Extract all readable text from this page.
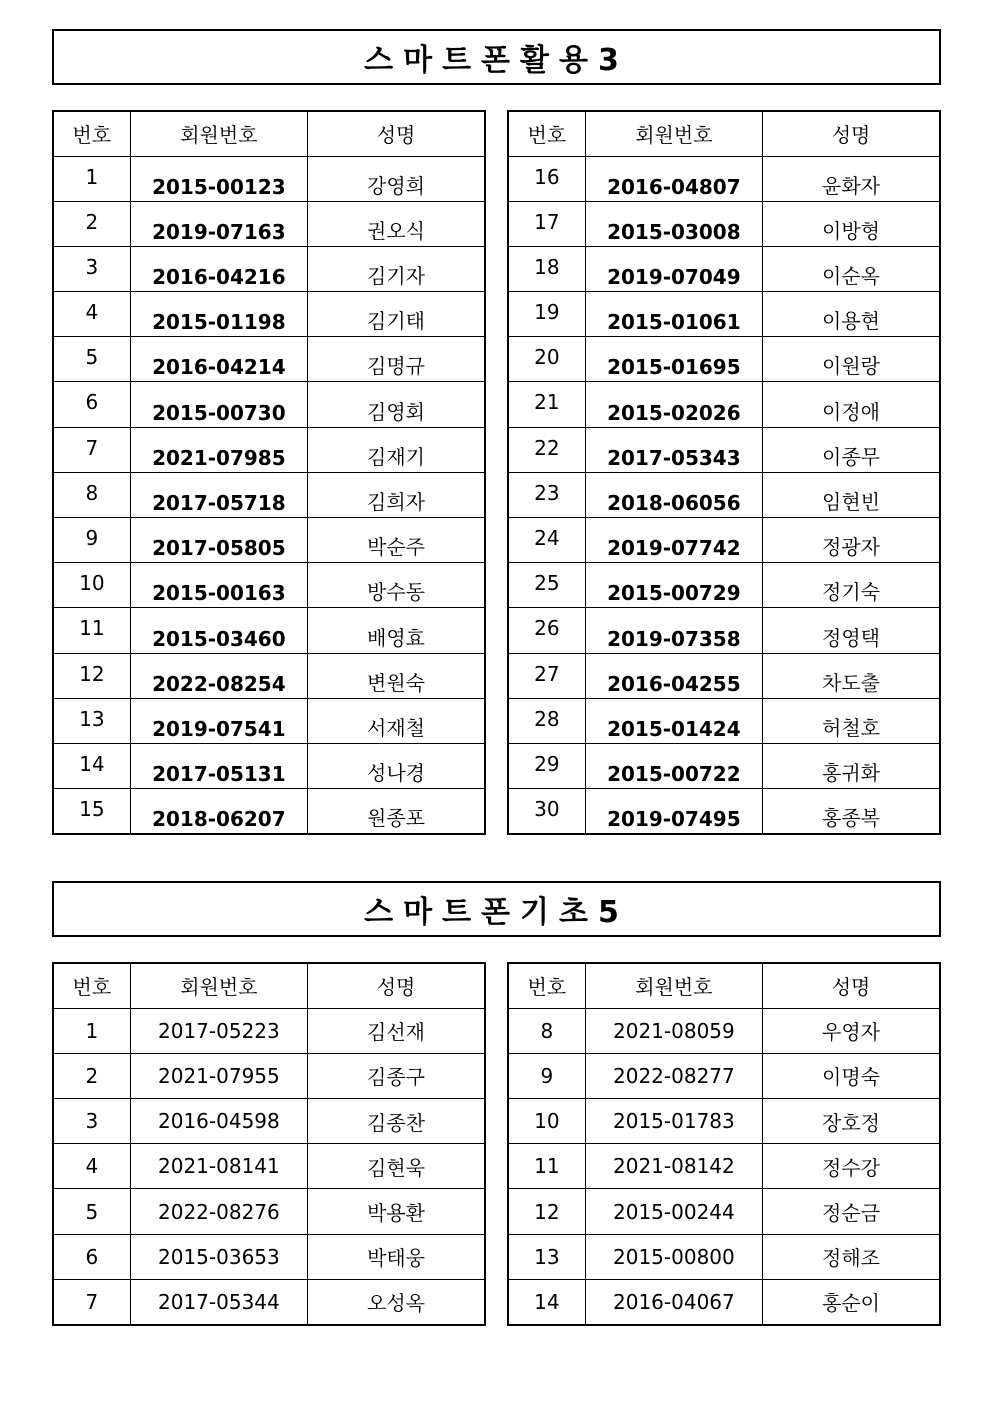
스마트폰활용3
번호	회원번호	성명
1	2015-00123	강영희
2	2019-07163	권오식
3	2016-04216	김기자
4	2015-01198	김기태
5	2016-04214	김명규
6	2015-00730	김영회
7	2021-07985	김재기
8	2017-05718	김희자
9	2017-05805	박순주
10	2015-00163	방수동
11	2015-03460	배영효
12	2022-08254	변원숙
13	2019-07541	서재철
14	2017-05131	성나경
15	2018-06207	원종포
번호	회원번호	성명
16	2016-04807	윤화자
17	2015-03008	이방형
18	2019-07049	이순옥
19	2015-01061	이용현
20	2015-01695	이원랑
21	2015-02026	이정애
22	2017-05343	이종무
23	2018-06056	임현빈
24	2019-07742	정광자
25	2015-00729	정기숙
26	2019-07358	정영택
27	2016-04255	차도출
28	2015-01424	허철호
29	2015-00722	홍귀화
30	2019-07495	홍종복
스마트폰기초5
번호	회원번호	성명
1	2017-05223	김선재
2	2021-07955	김종구
3	2016-04598	김종찬
4	2021-08141	김현욱
5	2022-08276	박용환
6	2015-03653	박태웅
7	2017-05344	오성옥
번호	회원번호	성명
8	2021-08059	우영자
9	2022-08277	이명숙
10	2015-01783	장호정
11	2021-08142	정수강
12	2015-00244	정순금
13	2015-00800	정해조
14	2016-04067	홍순이
